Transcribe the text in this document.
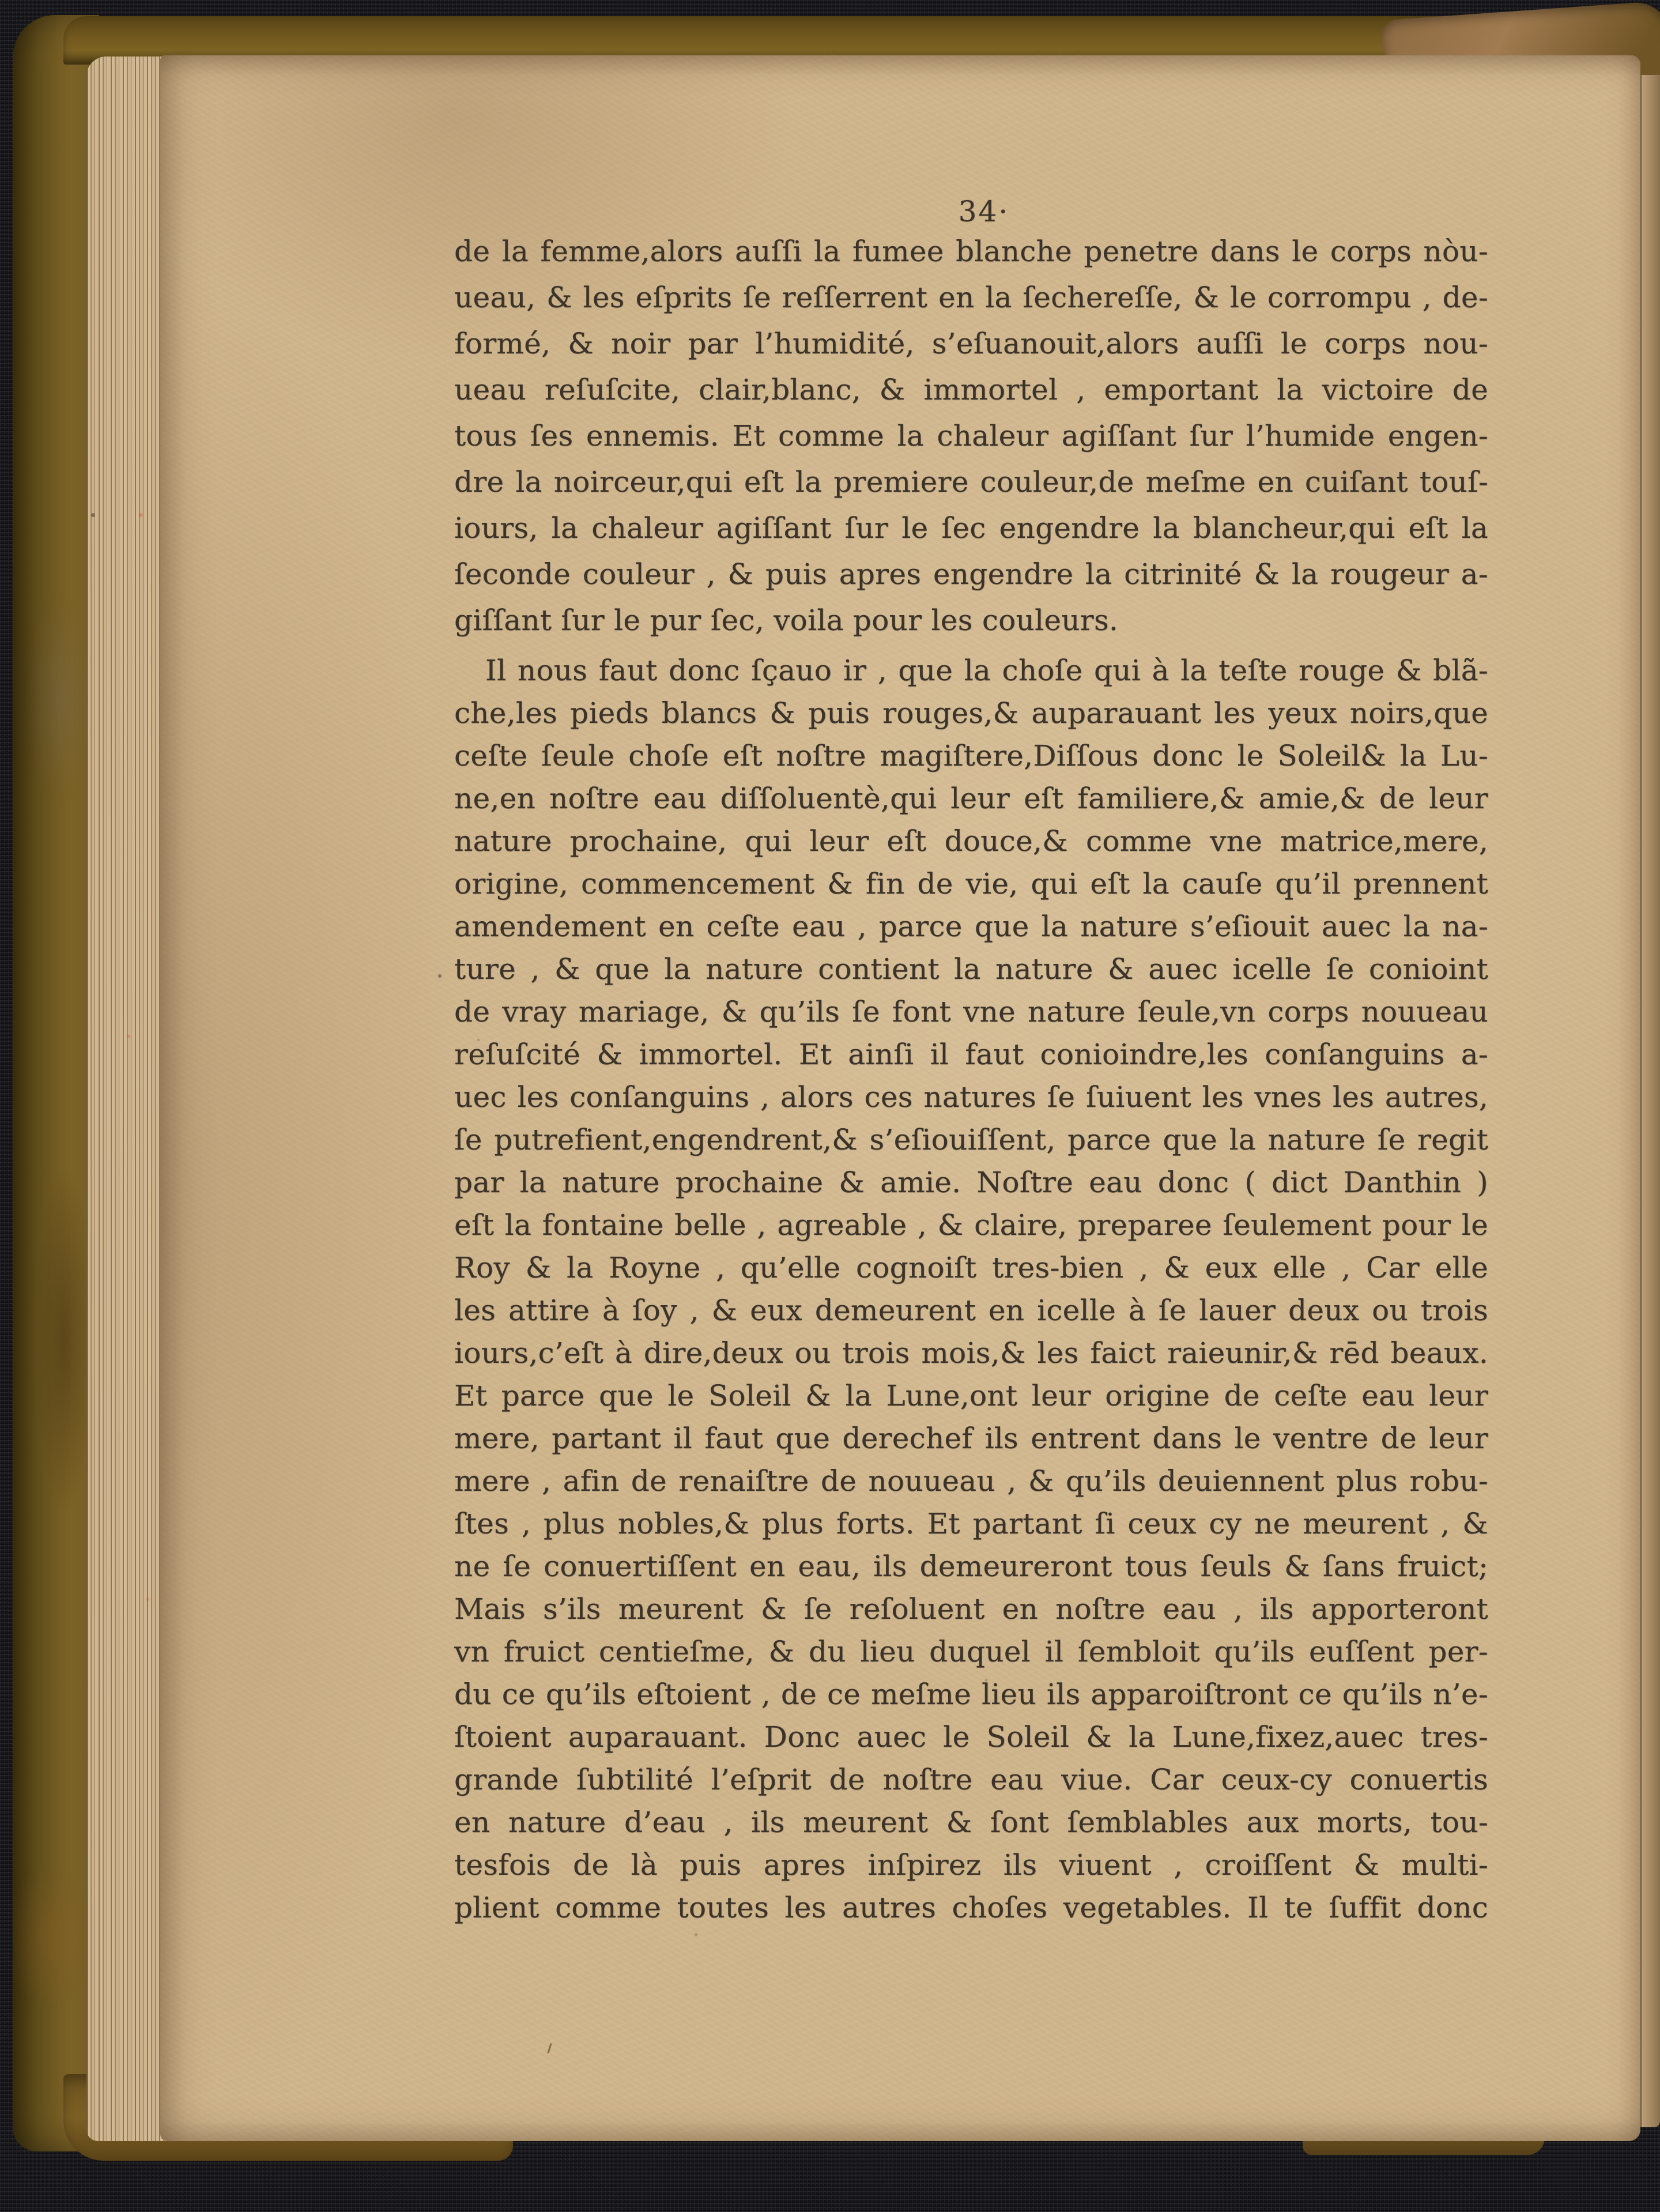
34·
de la femme,alors auſſi la fumee blanche penetre dans le corps nòu-
ueau, & les eſprits ſe reſſerrent en la ſechereſſe, & le corrompu , de-
formé, & noir par l’humidité, s’eſuanouit,alors auſſi le corps nou-
ueau reſuſcite, clair,blanc, & immortel , emportant la victoire de
tous ſes ennemis. Et comme la chaleur agiſſant ſur l’humide engen-
dre la noirceur,qui eſt la premiere couleur,de meſme en cuiſant touſ-
iours, la chaleur agiſſant ſur le ſec engendre la blancheur,qui eſt la
ſeconde couleur , & puis apres engendre la citrinité & la rougeur a-
giſſant ſur le pur ſec, voila pour les couleurs.
Il nous faut donc ſçauo ir , que la choſe qui à la teſte rouge & blã-
che,les pieds blancs & puis rouges,& auparauant les yeux noirs,que
ceſte ſeule choſe eſt noſtre magiſtere,Diſſous donc le Soleil& la Lu-
ne,en noſtre eau diſſoluentè,qui leur eſt familiere,& amie,& de leur
nature prochaine, qui leur eſt douce,& comme vne matrice,mere,
origine, commencement & fin de vie, qui eſt la cauſe qu’il prennent
amendement en ceſte eau , parce que la nature s’eſiouit auec la na-
ture , & que la nature contient la nature & auec icelle ſe conioint
de vray mariage, & qu’ils ſe font vne nature ſeule,vn corps nouueau
reſuſcité & immortel. Et ainſi il faut conioindre,les conſanguins a-
uec les conſanguins , alors ces natures ſe ſuiuent les vnes les autres,
ſe putrefient,engendrent,& s’eſiouiſſent, parce que la nature ſe regit
par la nature prochaine & amie. Noſtre eau donc ( dict Danthin )
eſt la fontaine belle , agreable , & claire, preparee ſeulement pour le
Roy & la Royne , qu’elle cognoiſt tres-bien , & eux elle , Car elle
les attire à ſoy , & eux demeurent en icelle à ſe lauer deux ou trois
iours,c’eſt à dire,deux ou trois mois,& les faict raieunir,& rēd beaux.
Et parce que le Soleil & la Lune,ont leur origine de ceſte eau leur
mere, partant il faut que derechef ils entrent dans le ventre de leur
mere , afin de renaiſtre de nouueau , & qu’ils deuiennent plus robu-
ſtes , plus nobles,& plus forts. Et partant ſi ceux cy ne meurent , &
ne ſe conuertiſſent en eau, ils demeureront tous ſeuls & ſans fruict;
Mais s’ils meurent & ſe reſoluent en noſtre eau , ils apporteront
vn fruict centieſme, & du lieu duquel il ſembloit qu’ils euſſent per-
du ce qu’ils eſtoient , de ce meſme lieu ils apparoiſtront ce qu’ils n’e-
ſtoient auparauant. Donc auec le Soleil & la Lune,fixez,auec tres-
grande ſubtilité l’eſprit de noſtre eau viue. Car ceux-cy conuertis
en nature d’eau , ils meurent & ſont ſemblables aux morts, tou-
tesfois de là puis apres inſpirez ils viuent , croiſſent & multi-
plient comme toutes les autres choſes vegetables. Il te ſuffit donc
